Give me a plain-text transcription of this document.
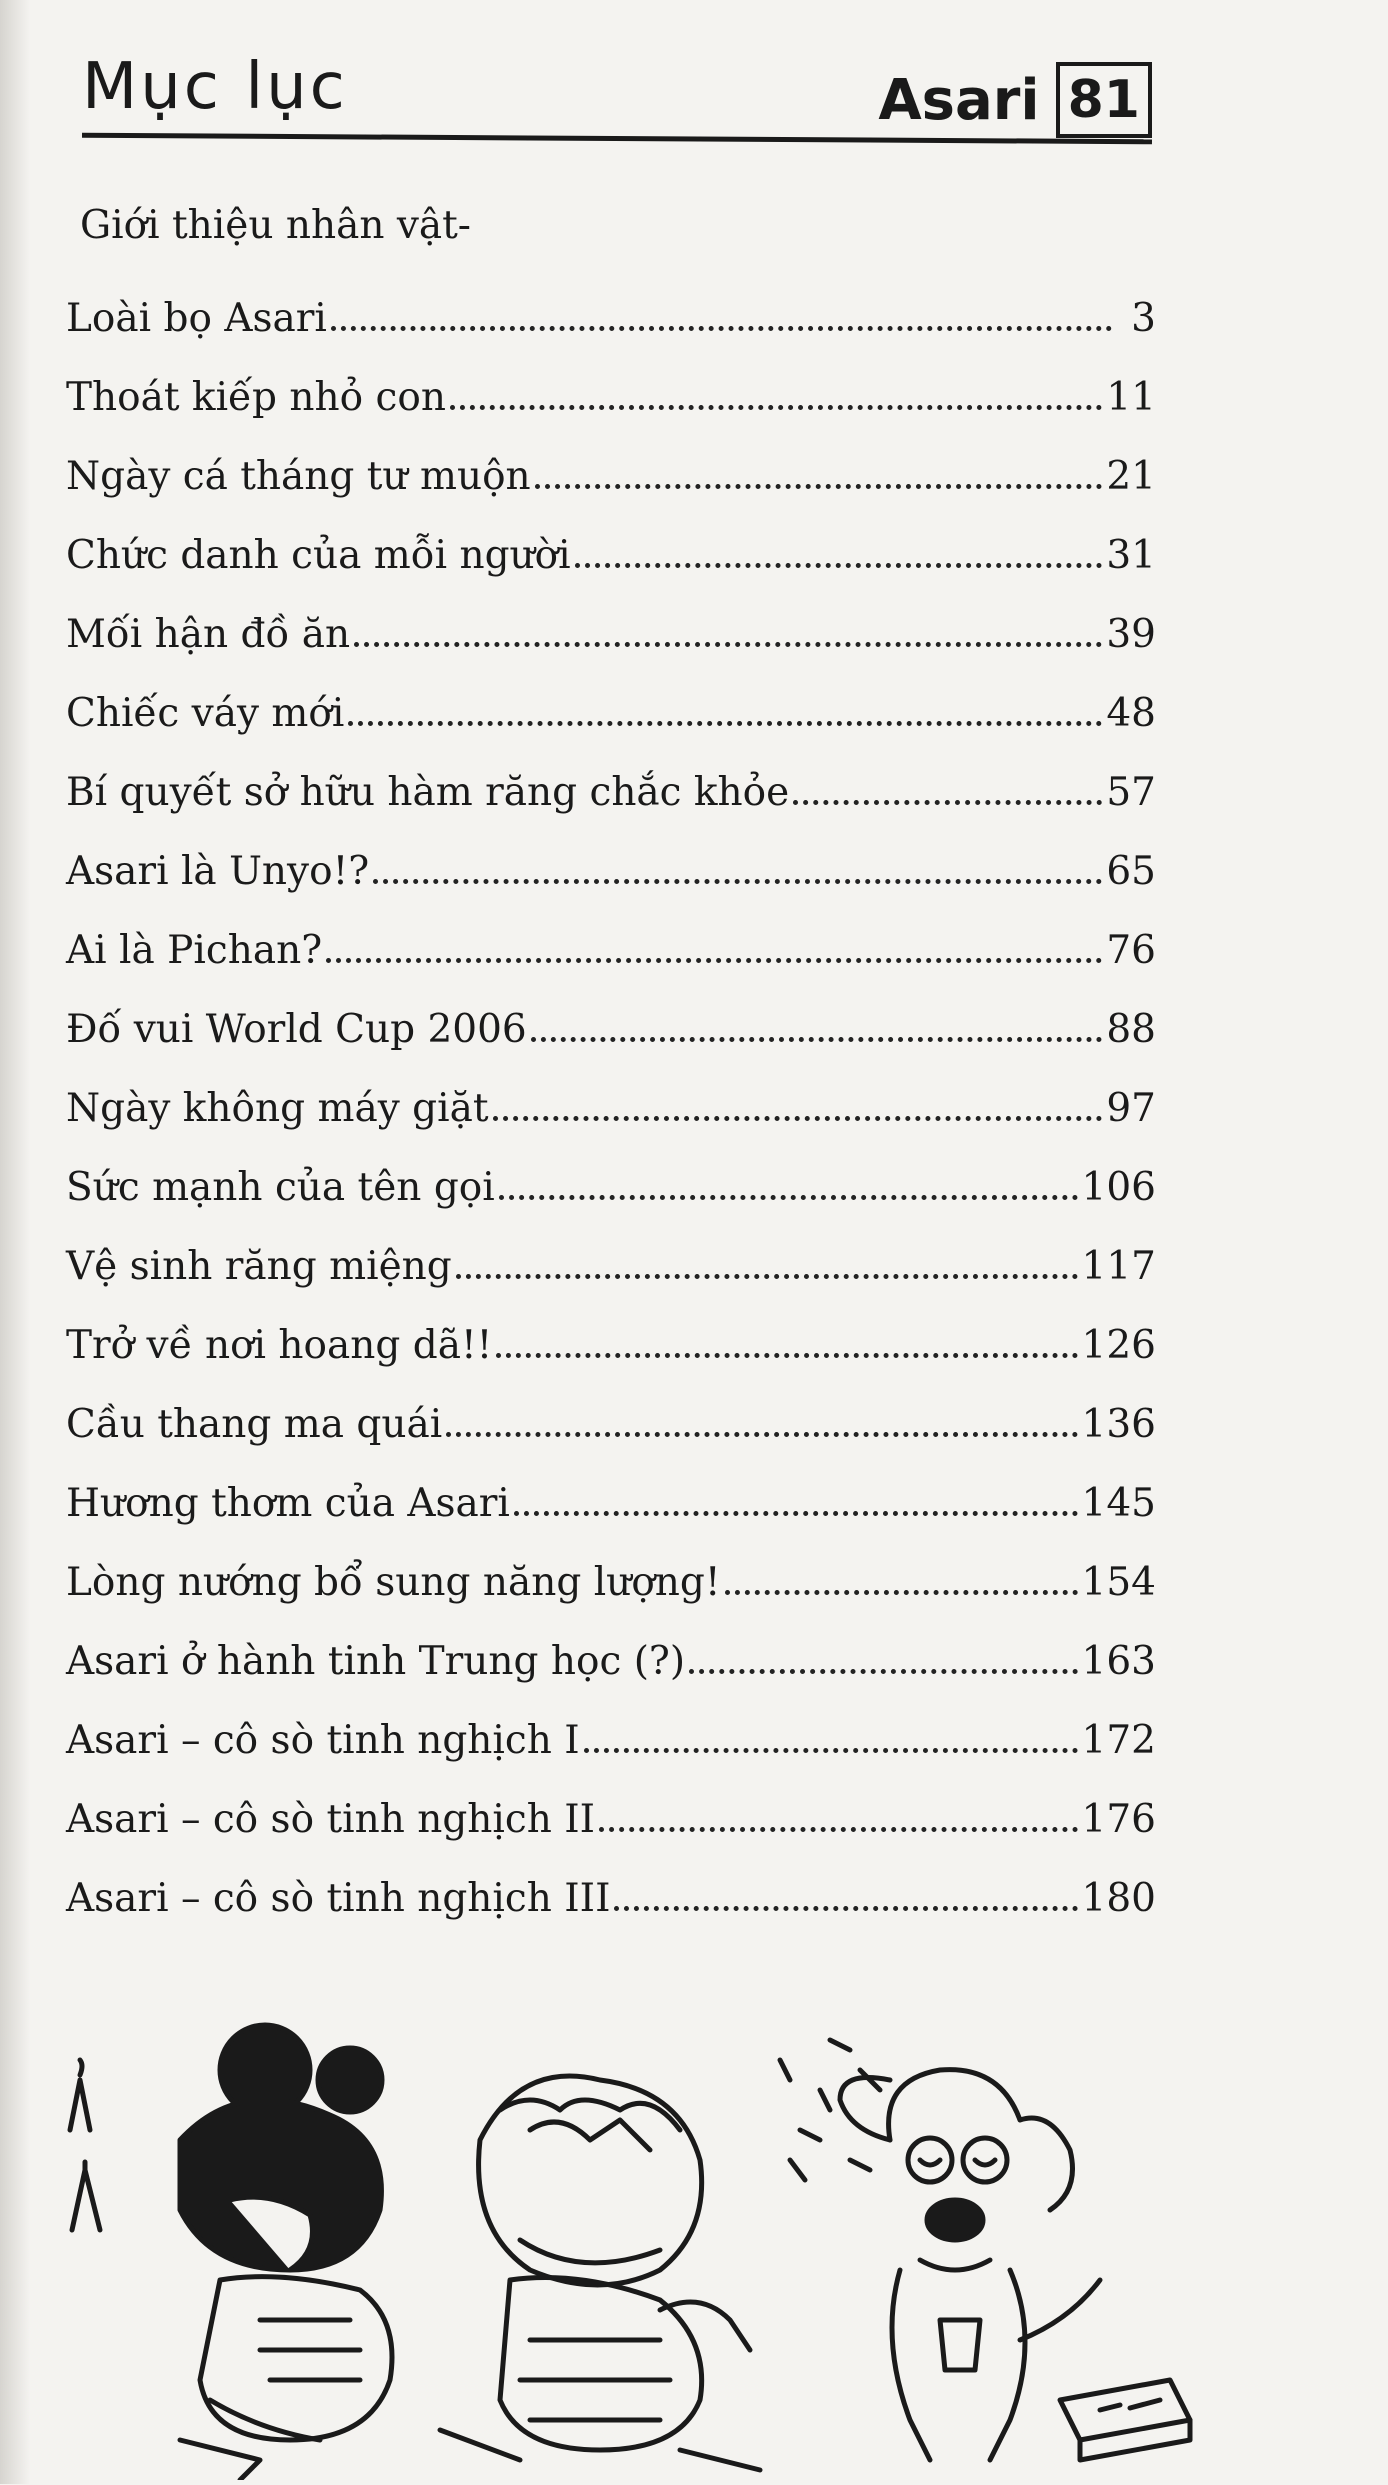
Mục lục	Asari 81
Giới thiệu nhân vật-
Loài bọ Asari	3
Thoát kiếp nhỏ con	11
Ngày cá tháng tư muộn	21
Chức danh của mỗi người	31
Mối hận đồ ăn	39
Chiếc váy mới	48
Bí quyết sở hữu hàm răng chắc khỏe	57
Asari là Unyo!?	65
Ai là Pichan?	76
Đố vui World Cup 2006	88
Ngày không máy giặt	97
Sức mạnh của tên gọi	106
Vệ sinh răng miệng	117
Trở về nơi hoang dã!!	126
Cầu thang ma quái	136
Hương thơm của Asari	145
Lòng nướng bổ sung năng lượng!	154
Asari ở hành tinh Trung học (?)	163
Asari – cô sò tinh nghịch I	172
Asari – cô sò tinh nghịch II	176
Asari – cô sò tinh nghịch III	180
